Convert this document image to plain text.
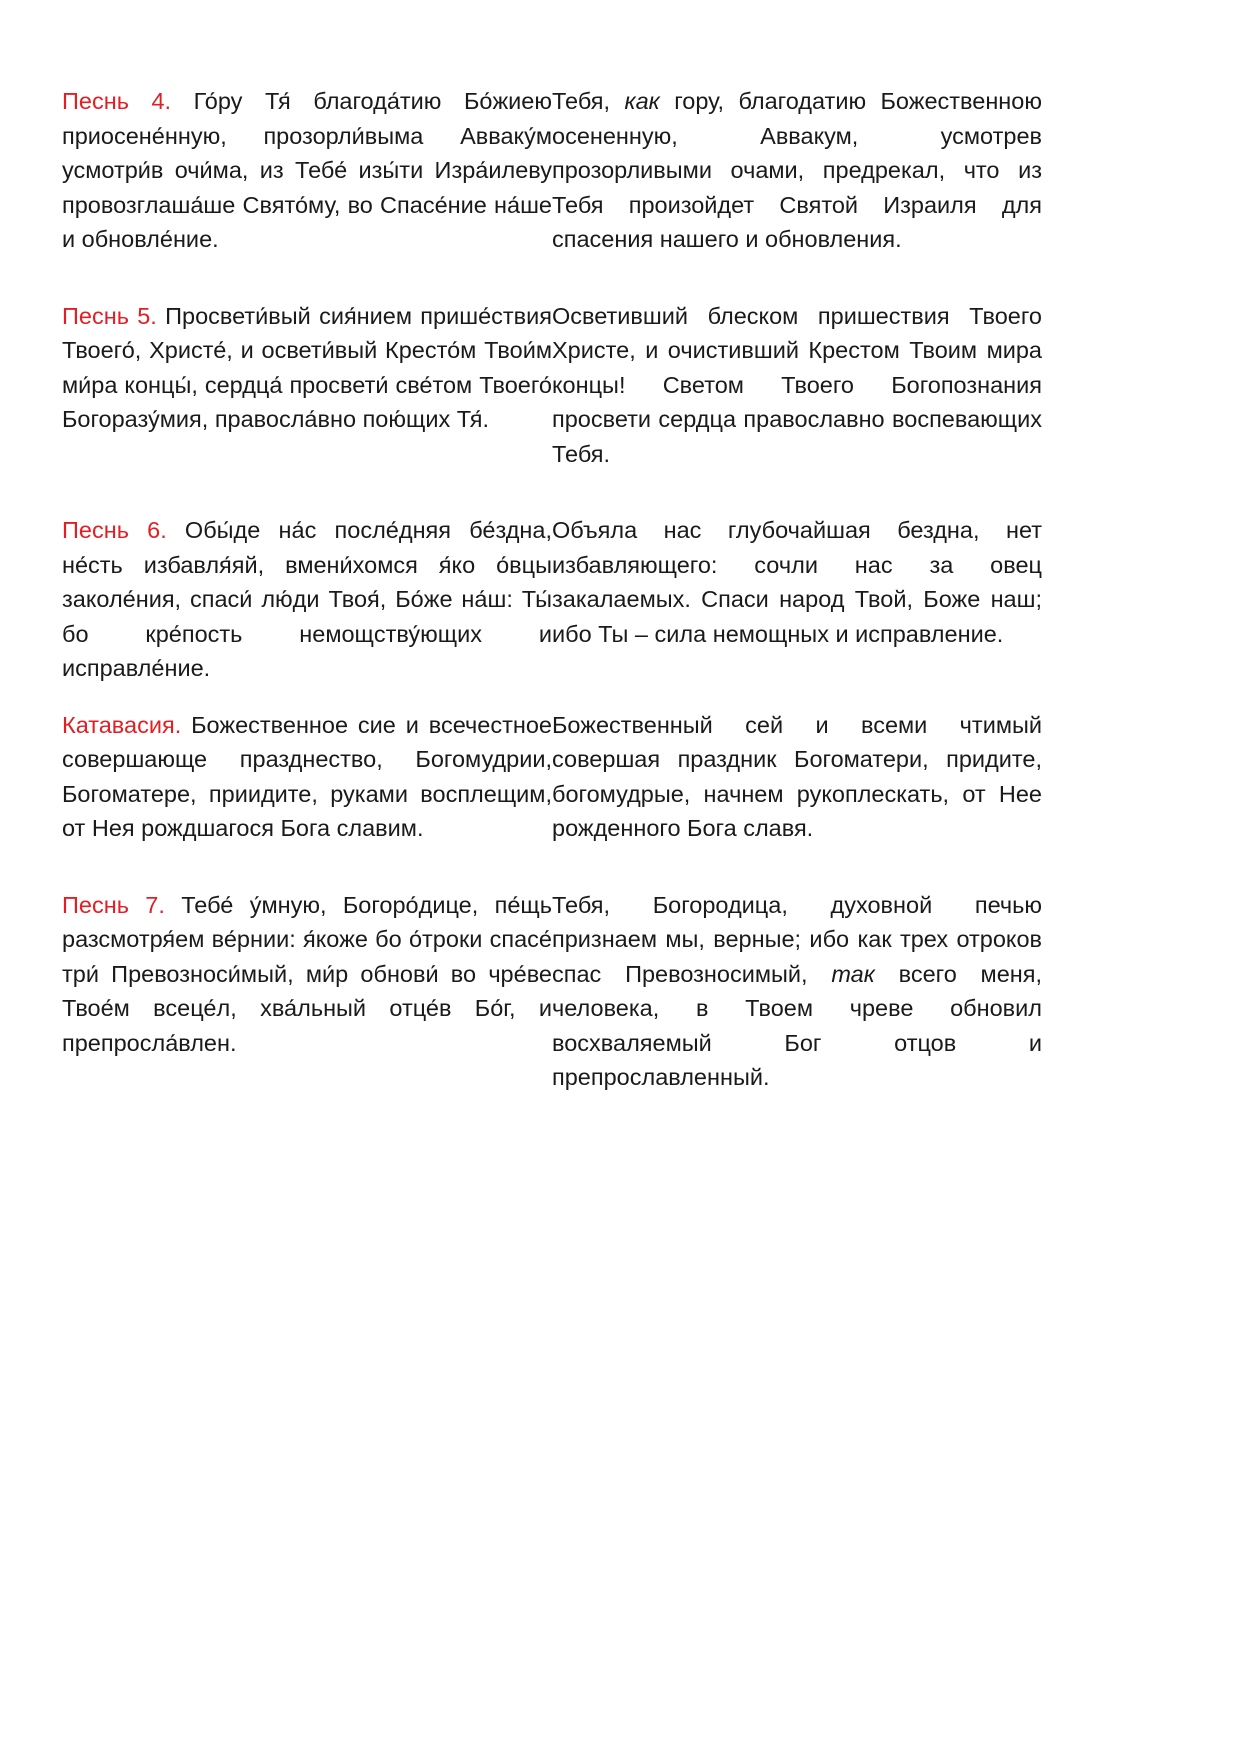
Песнь 4. Го́ру Тя́ благода́тию Бо́жиею приосене́нную, прозорли́выма Авваку́м усмотри́в очи́ма, из Тебе́ изы́ти Изра́илеву провозглаша́ше Свято́му, во Спасе́ние на́ше и обновле́ние.
Тебя, как гору, благодатию Божественною осененную, Аввакум, усмотрев прозорливыми очами, предрекал, что из Тебя произойдет Святой Израиля для спасения нашего и обновления.
Песнь 5. Просвети́вый сия́нием прише́ствия Твоего́, Христе́, и освети́вый Кресто́м Твои́м ми́ра концы́, сердца́ просвети́ све́том Твоего́ Богоразу́мия, правосла́вно пою́щих Тя́.
Осветивший блеском пришествия Твоего Христе, и очистивший Крестом Твоим мира концы! Светом Твоего Богопознания просвети сердца православно воспевающих Тебя.
Песнь 6. Обы́де на́с после́дняя бе́здна, не́сть избавля́яй, вмени́хомся я́ко о́вцы заколе́ния, спаси́ лю́ди Твоя́, Бо́же на́ш: Ты́ бо кре́пость немощству́ющих и исправле́ние.
Объяла нас глубочайшая бездна, нет избавляющего: сочли нас за овец закалаемых. Спаси народ Твой, Боже наш; ибо Ты – сила немощных и исправление.
Катавасия. Божественное сие и всечестное совершающе празднество, Богомудрии, Богоматере, приидите, руками восплещим, от Нея рождшагося Бога славим.
Божественный сей и всеми чтимый совершая праздник Богоматери, придите, богомудрые, начнем рукоплескать, от Нее рожденного Бога славя.
Песнь 7. Тебе́ у́мную, Богоро́дице, пе́щь разсмотря́ем ве́рнии: я́коже бо о́троки спасе́ три́ Превозноси́мый, ми́р обнови́ во чре́ве Твое́м всеце́л, хва́льный отце́в Бо́г, и препросла́влен.
Тебя, Богородица, духовной печью признаем мы, верные; ибо как трех отроков спас Превозносимый, так всего меня, человека, в Твоем чреве обновил восхваляемый Бог отцов и препрославленный.
